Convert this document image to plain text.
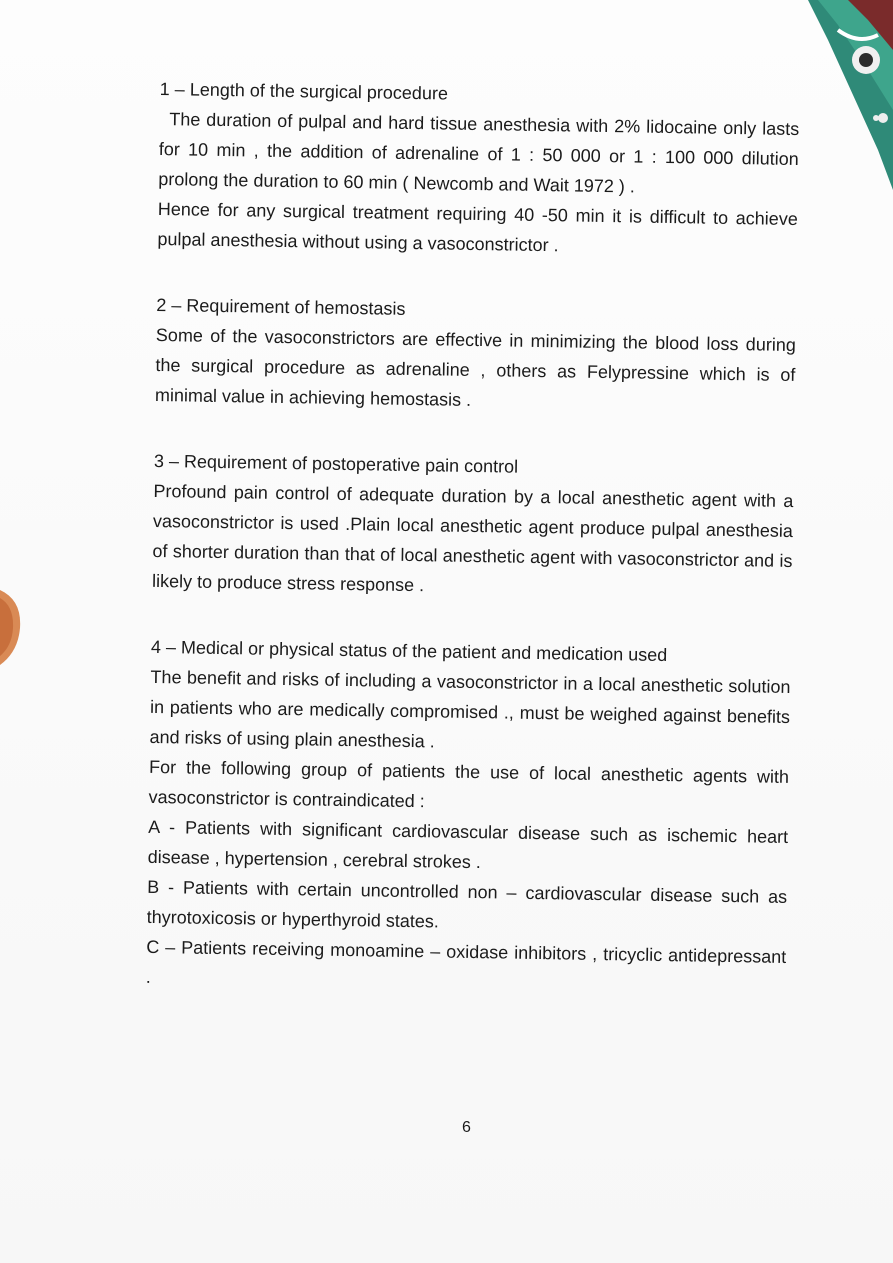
1 – Length of the surgical procedure

The duration of pulpal and hard tissue anesthesia with 2% lidocaine only lasts for 10 min , the addition of adrenaline of 1 : 50 000 or 1 : 100 000 dilution prolong the duration to 60 min ( Newcomb and Wait 1972 ) .

Hence for any surgical treatment requiring 40 -50 min it is difficult to achieve pulpal anesthesia without using a vasoconstrictor .

2 – Requirement of hemostasis

Some of the vasoconstrictors are effective in minimizing the blood loss during the surgical procedure as adrenaline , others as Felypressine which is of minimal value in achieving hemostasis .

3 – Requirement of postoperative pain control

Profound pain control of adequate duration by a local anesthetic agent with a vasoconstrictor is used .Plain local anesthetic agent produce pulpal anesthesia of shorter duration than that of local anesthetic agent with vasoconstrictor and is likely to produce stress response .

4 – Medical or physical status of the patient and medication used

The benefit and risks of including a vasoconstrictor in a local anesthetic solution in patients who are medically compromised ., must be weighed against benefits and risks of using plain anesthesia .

For the following group of patients the use of local anesthetic agents with vasoconstrictor is contraindicated :

A - Patients with significant cardiovascular disease such as ischemic heart disease , hypertension , cerebral strokes .

B - Patients with certain uncontrolled non – cardiovascular disease such as thyrotoxicosis or hyperthyroid states.

C – Patients receiving monoamine – oxidase inhibitors , tricyclic antidepressant .

6
